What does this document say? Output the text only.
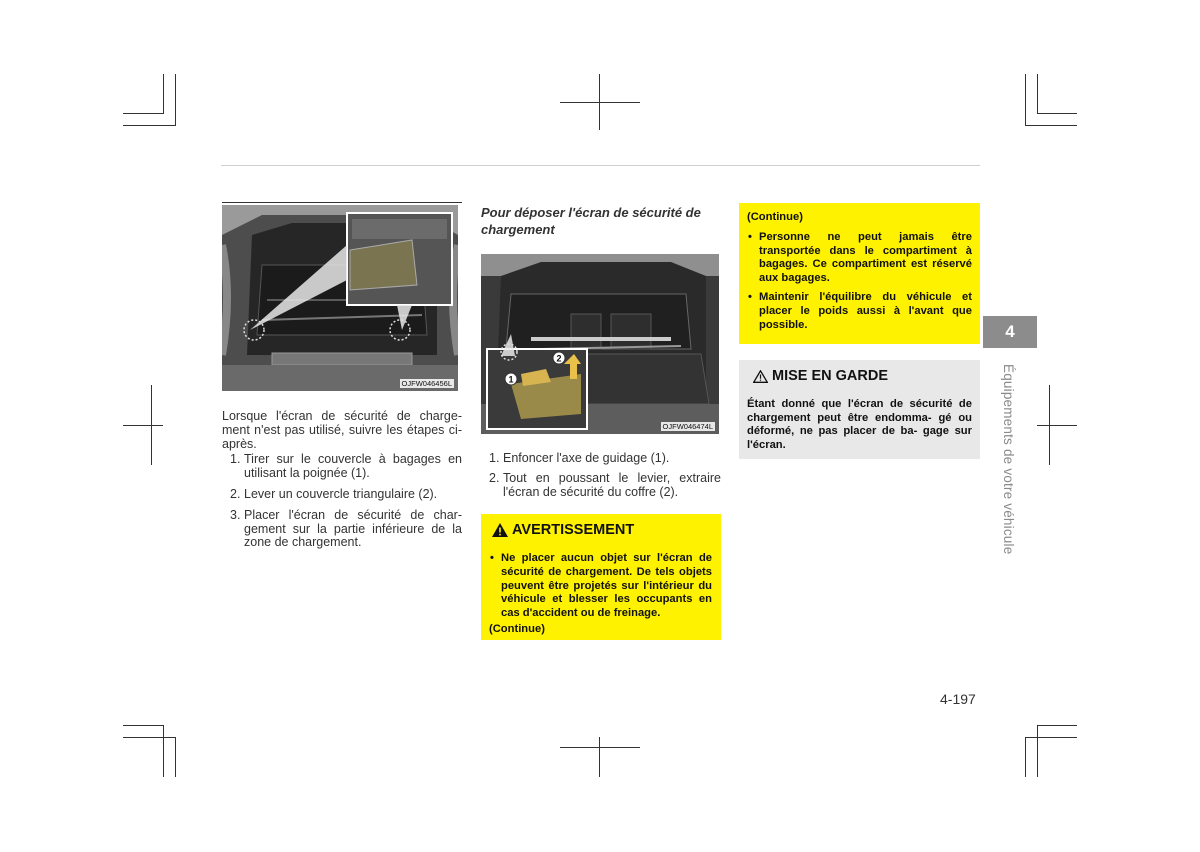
OJFW046456L

Lorsque l'écran de sécurité de charge- ment n'est pas utilisé, suivre les étapes ci-après.

1. Tirer sur le couvercle à bagages en utilisant la poignée (1).
2. Lever un couvercle triangulaire (2).
3. Placer l'écran de sécurité de char- gement sur la partie inférieure de la zone de chargement.
Pour déposer l'écran de sécurité de chargement
1
2
OJFW046474L
1. Enfoncer l'axe de guidage (1).
2. Tout en poussant le levier, extraire l'écran de sécurité du coffre (2).
AVERTISSEMENT

• Ne placer aucun objet sur l'écran de sécurité de chargement. De tels objets peuvent être projetés sur l'intérieur du véhicule et blesser les occupants en cas d'accident ou de freinage.

(Continue)

(Continue)

• Personne ne peut jamais être transportée dans le compartiment à bagages. Ce compartiment est réservé aux bagages.

• Maintenir l'équilibre du véhicule et placer le poids aussi à l'avant que possible.

MISE EN GARDE

Étant donné que l'écran de sécurité de chargement peut être endomma- gé ou déformé, ne pas placer de ba- gage sur l'écran.

4
Équipements de votre véhicule
4-197
